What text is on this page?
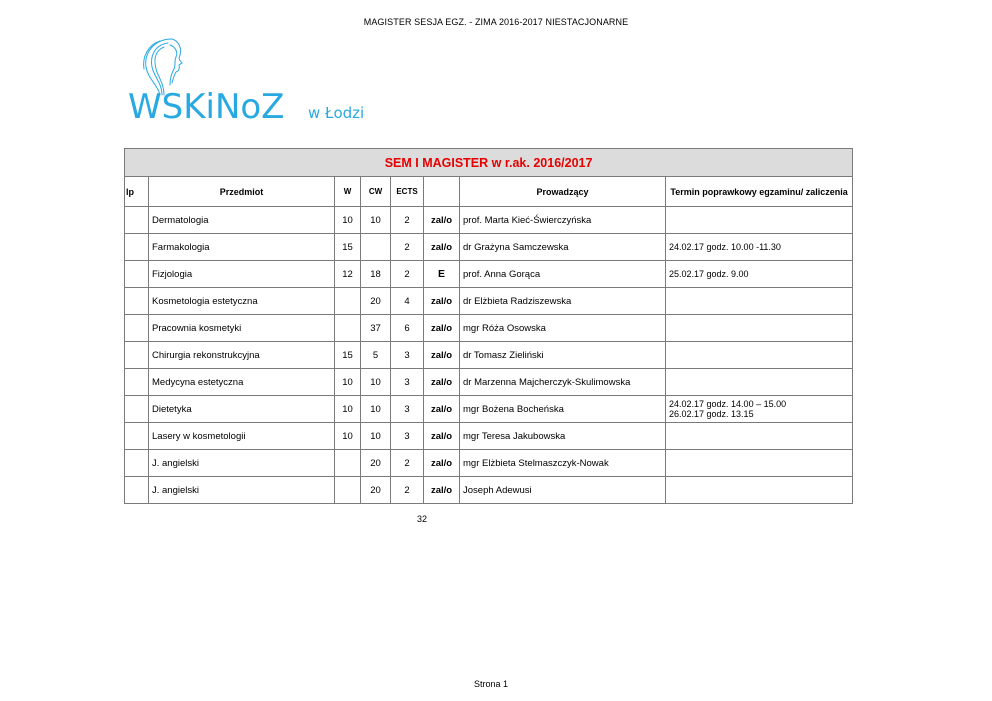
MAGISTER SESJA EGZ. - ZIMA 2016-2017 NIESTACJONARNE
WSKiNoZ w Łodzi
SEM I MAGISTER w r.ak. 2016/2017							
lp	Przedmiot	W	CW	ECTS		Prowadzący	Termin poprawkowy egzaminu/ zaliczenia
	Dermatologia	10	10	2	zal/o	prof. Marta Kieć-Świerczyńska	

	Farmakologia	15		2	zal/o	dr Grażyna Samczewska	24.02.17 godz. 10.00 -11.30

	Fizjologia	12	18	2	E	prof. Anna Gorąca	25.02.17 godz. 9.00

	Kosmetologia estetyczna		20	4	zal/o	dr Elżbieta Radziszewska	

	Pracownia kosmetyki		37	6	zal/o	mgr Róża Osowska	

	Chirurgia rekonstrukcyjna	15	5	3	zal/o	dr Tomasz Zieliński	

	Medycyna estetyczna	10	10	3	zal/o	dr Marzenna Majcherczyk-Skulimowska	

	Dietetyka	10	10	3	zal/o	mgr Bożena Bocheńska	24.02.17 godz. 14.00 – 15.00
26.02.17 godz. 13.15

	Lasery w kosmetologii	10	10	3	zal/o	mgr Teresa Jakubowska	

	J. angielski		20	2	zal/o	mgr Elżbieta Stelmaszczyk-Nowak	

	J. angielski		20	2	zal/o	Joseph Adewusi	
32
Strona 1
